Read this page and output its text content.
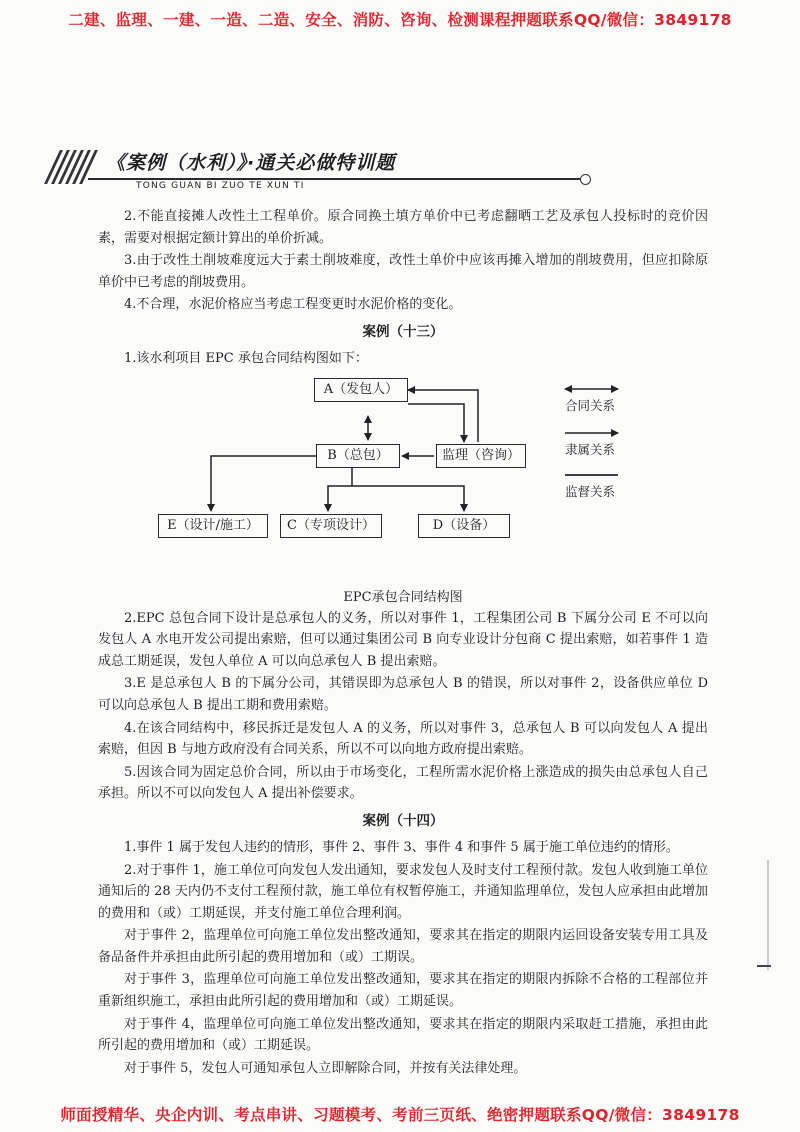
二建、监理、一建、一造、二造、安全、消防、咨询、检测课程押题联系QQ/微信：3849178
《案例（水利）》·通关必做特训题
TONG GUAN BI ZUO TE XUN TI

2.不能直接摊人改性土工程单价。原合同换土填方单价中已考虑翻晒工艺及承包人投标时的竞价因素，需要对根据定额计算出的单价折减。

3.由于改性土削坡难度远大于素土削坡难度，改性土单价中应该再摊入增加的削坡费用，但应扣除原单价中已考虑的削坡费用。

4.不合理，水泥价格应当考虑工程变更时水泥价格的变化。

案例（十三）

1.该水利项目 EPC 承包合同结构图如下：

A（发包人）
B（总包）	监理（咨询）
E（设计/施工）	C（专项设计）	D（设备）
合同关系
隶属关系
监督关系
EPC承包合同结构图

2.EPC 总包合同下设计是总承包人的义务，所以对事件 1，工程集团公司 B 下属分公司 E 不可以向发包人 A 水电开发公司提出索赔，但可以通过集团公司 B 向专业设计分包商 C 提出索赔，如若事件 1 造成总工期延误，发包人单位 A 可以向总承包人 B 提出索赔。

3.E 是总承包人 B 的下属分公司，其错误即为总承包人 B 的错误，所以对事件 2，设备供应单位 D 可以向总承包人 B 提出工期和费用索赔。

4.在该合同结构中，移民拆迁是发包人 A 的义务，所以对事件 3，总承包人 B 可以向发包人 A 提出索赔，但因 B 与地方政府没有合同关系，所以不可以向地方政府提出索赔。

5.因该合同为固定总价合同，所以由于市场变化，工程所需水泥价格上涨造成的损失由总承包人自己承担。所以不可以向发包人 A 提出补偿要求。

案例（十四）

1.事件 1 属于发包人违约的情形，事件 2、事件 3、事件 4 和事件 5 属于施工单位违约的情形。

2.对于事件 1，施工单位可向发包人发出通知，要求发包人及时支付工程预付款。发包人收到施工单位通知后的 28 天内仍不支付工程预付款，施工单位有权暂停施工，并通知监理单位，发包人应承担由此增加的费用和（或）工期延误，并支付施工单位合理利润。

对于事件 2，监理单位可向施工单位发出整改通知，要求其在指定的期限内运回设备安装专用工具及备品备件并承担由此所引起的费用增加和（或）工期误。

对于事件 3，监理单位可向施工单位发出整改通知，要求其在指定的期限内拆除不合格的工程部位并重新组织施工，承担由此所引起的费用增加和（或）工期延误。

对于事件 4，监理单位可向施工单位发出整改通知，要求其在指定的期限内采取赶工措施，承担由此所引起的费用增加和（或）工期延误。

对于事件 5，发包人可通知承包人立即解除合同，并按有关法律处理。

师面授精华、央企内训、考点串讲、习题模考、考前三页纸、绝密押题联系QQ/微信：3849178
